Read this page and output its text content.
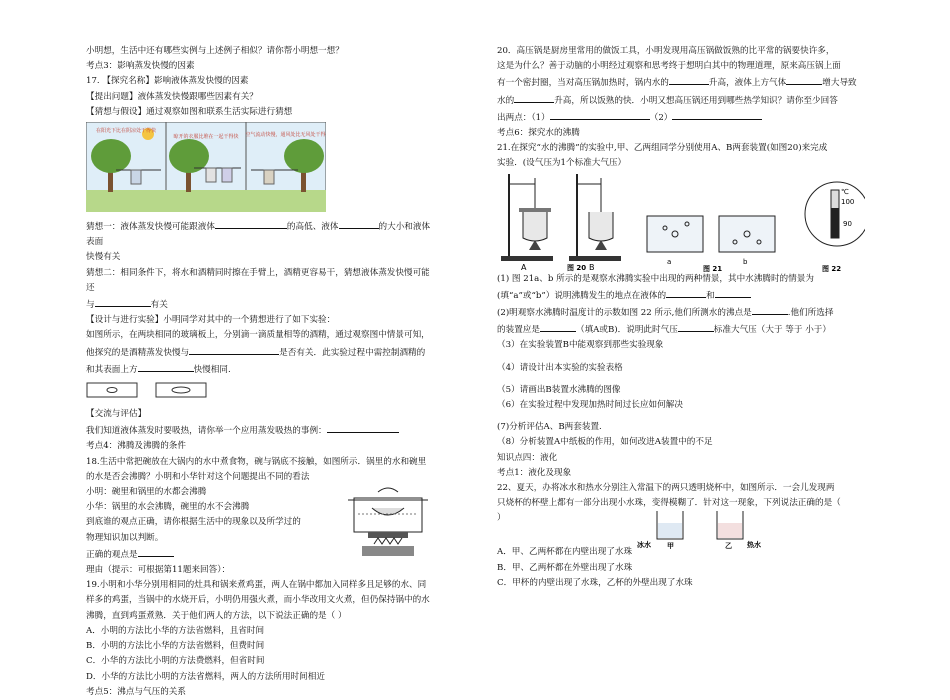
小明想，生活中还有哪些实例与上述例子相似？请你帮小明想一想？

考点3：影响蒸发快慢的因素

17. 【探究名称】影响液体蒸发快慢的因素

【提出问题】液体蒸发快慢跟哪些因素有关？

【猜想与假设】通过观察如图和联系生活实际进行猜想

在阳光下比在阴凉处干得快
晾开的衣服比堆在一起干得快 空气流动快慢，通风处比无风处干得快

猜想一：液体蒸发快慢可能跟液体	的高低、液体	的大小和液体表面

快慢有关

猜想二：相同条件下，将水和酒精同时擦在手臂上，酒精更容易干，猜想液体蒸发快慢可能还

与	有关

【设计与进行实验】小明同学对其中的一个猜想进行了如下实验：

如图所示，在两块相同的玻璃板上，分别滴一滴质量相等的酒精，通过观察图中情景可知，

他探究的是酒精蒸发快慢与	是否有关．此实验过程中需控制酒精的

和其表面上方	快慢相同.

【交流与评估】

我们知道液体蒸发时要吸热，请你举一个应用蒸发吸热的事例：

考点4：沸腾及沸腾的条件

18.生活中常把碗放在大锅内的水中煮食物，碗与锅底不接触，如图所示．锅里的水和碗里

的水是否会沸腾？小明和小华针对这个问题提出不同的看法

小明：碗里和锅里的水都会沸腾

小华：锅里的水会沸腾，碗里的水不会沸腾

到底谁的观点正确，请你根据生活中的现象以及所学过的

物理知识加以判断。

正确的观点是

理由（提示：可根据第11题来回答）：

19.小明和小华分别用相同的灶具和锅来煮鸡蛋，两人在锅中都加入同样多且足够的水、同

样多的鸡蛋，当锅中的水烧开后，小明仍用强火煮，而小华改用文火煮，但仍保持锅中的水

沸腾，直到鸡蛋煮熟．关于他们两人的方法，以下说法正确的是（ ）

A．小明的方法比小华的方法省燃料，且省时间

B．小明的方法比小华的方法省燃料，但费时间

C．小华的方法比小明的方法费燃料，但省时间

D．小华的方法比小明的方法省燃料，两人的方法所用时间相近

考点5：沸点与气压的关系

20．高压锅是厨房里常用的做饭工具，小明发现用高压锅做饭熟的比平常的锅要快许多，

这是为什么？善于动脑的小明经过观察和思考终于想明白其中的物理道理，原来高压锅上面

有一个密封圈，当对高压锅加热时，锅内水的	升高，液体上方气体	增大导致

水的	升高，所以饭熟的快．小明又想高压锅还用到哪些热学知识？请你至少回答

出两点：（1）	（2）

考点6：探究水的沸腾

21.在探究“水的沸腾”的实验中,甲、乙两组同学分别使用A、B两套装置(如图20)来完成

实验．(设气压为1个标准大气压）

A	B
图 20
a	b
图 21
℃
100
90
图 22

(1) 图 21a、b 所示的是观察水沸腾实验中出现的两种情景，其中水沸腾时的情景为

(填“a”或“b”）说明沸腾发生的地点在液体的	和

(2)明观察水沸腾时温度计的示数如图 22 所示,他们所测水的沸点是	.他们所选择

的装置应是	（填A或B)．说明此时气压	标准大气压（大于 等于 小于）

（3）在实验装置B中能观察到那些实验现象

（4）请设计出本实验的实验表格

（5）请画出B装置水沸腾的图像

（6）在实验过程中发现加热时间过长应如何解决

(7)分析评估A、B两套装置.

（8）分析装置A中纸板的作用，如何改进A装置中的不足

知识点四：液化

考点1：液化及现象

22、夏天，办将冰水和热水分别注入常温下的两只透明烧杯中，如图所示．一会儿发现两

只烧杯的杯壁上都有一部分出现小水珠，变得模糊了．针对这一现象，下列说法正确的是（

）
冰水 甲	乙 热水

A．甲、乙两杯都在内壁出现了水珠

B．甲、乙两杯都在外壁出现了水珠

C．甲杯的内壁出现了水珠，乙杯的外壁出现了水珠
